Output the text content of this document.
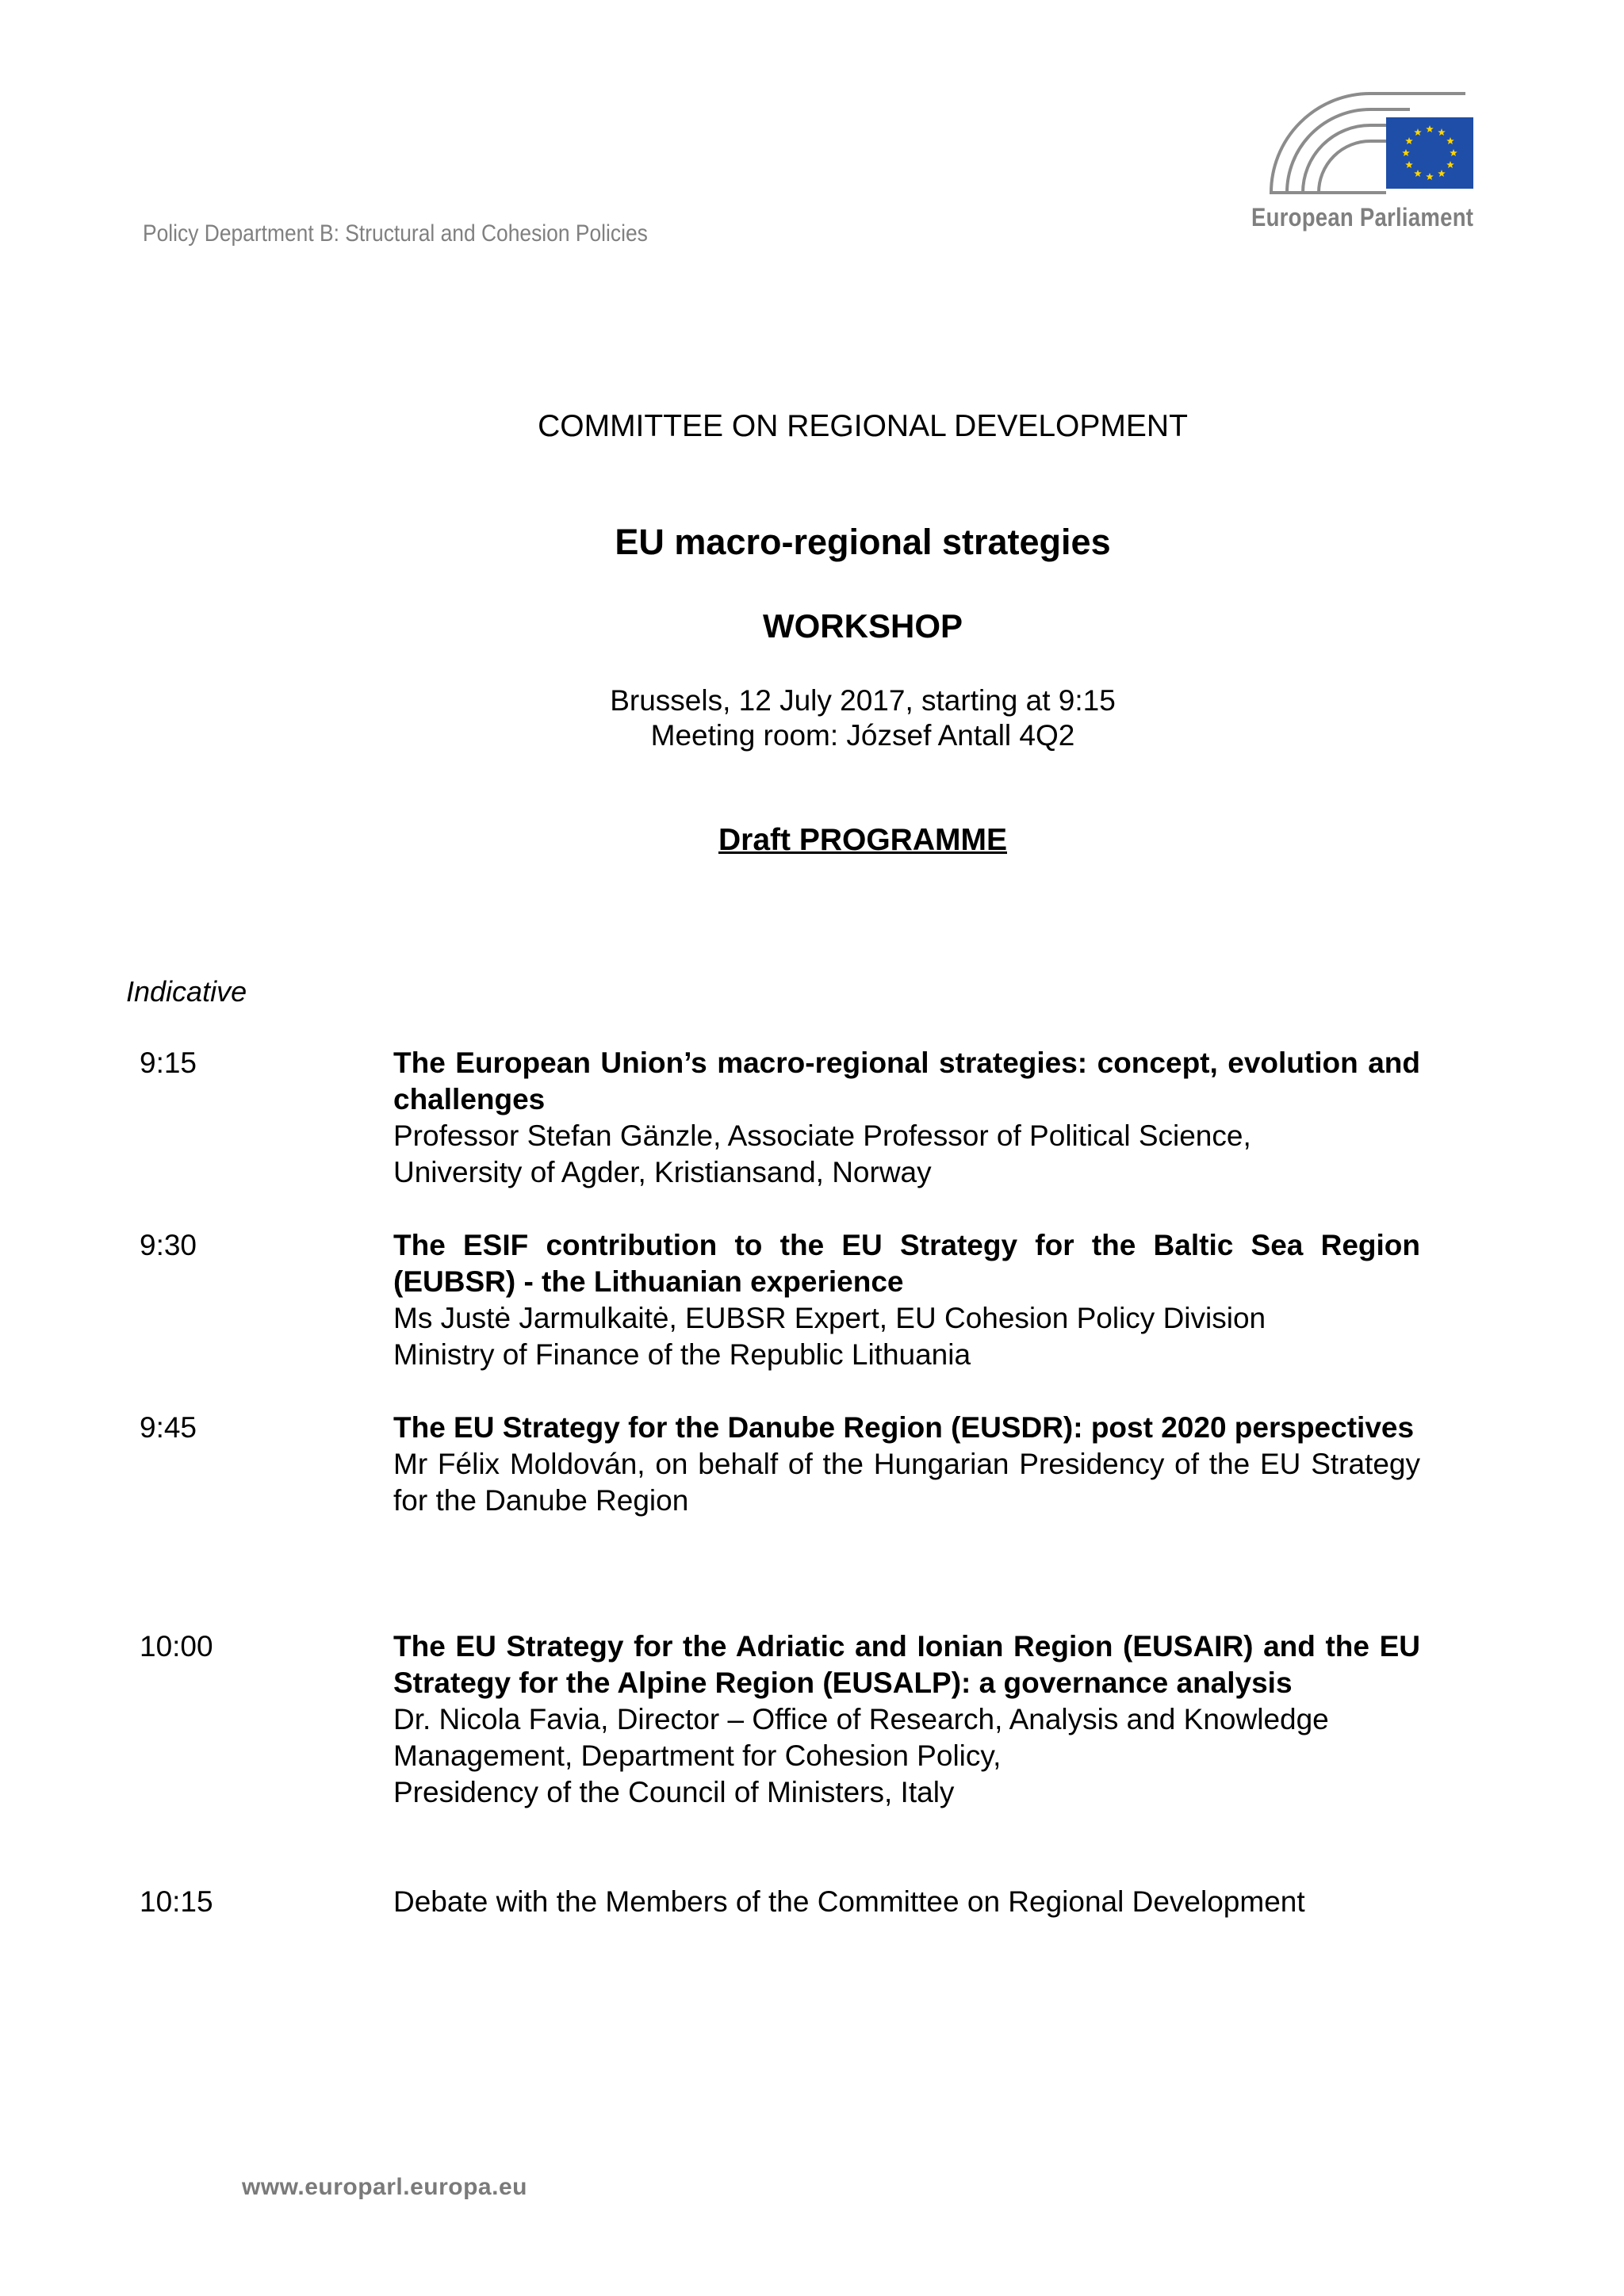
Policy Department B: Structural and Cohesion Policies
European Parliament
COMMITTEE ON REGIONAL DEVELOPMENT
EU macro-regional strategies
WORKSHOP
Brussels, 12 July 2017, starting at 9:15
Meeting room: József Antall 4Q2
Draft PROGRAMME
Indicative
9:15	The European Union’s macro-regional strategies: concept, evolution and challenges
Professor Stefan Gänzle, Associate Professor of Political Science,
University of Agder, Kristiansand, Norway
9:30	The ESIF contribution to the EU Strategy for the Baltic Sea Region (EUBSR) - the Lithuanian experience
Ms Justė Jarmulkaitė, EUBSR Expert, EU Cohesion Policy Division
Ministry of Finance of the Republic Lithuania
9:45	The EU Strategy for the Danube Region (EUSDR): post 2020 perspectives
Mr Félix Moldován, on behalf of the Hungarian Presidency of the EU Strategy for the Danube Region
10:00	The EU Strategy for the Adriatic and Ionian Region (EUSAIR) and the EU Strategy for the Alpine Region (EUSALP): a governance analysis
Dr. Nicola Favia, Director – Office of Research, Analysis and Knowledge
Management, Department for Cohesion Policy,
Presidency of the Council of Ministers, Italy
10:15	Debate with the Members of the Committee on Regional Development
www.europarl.europa.eu
